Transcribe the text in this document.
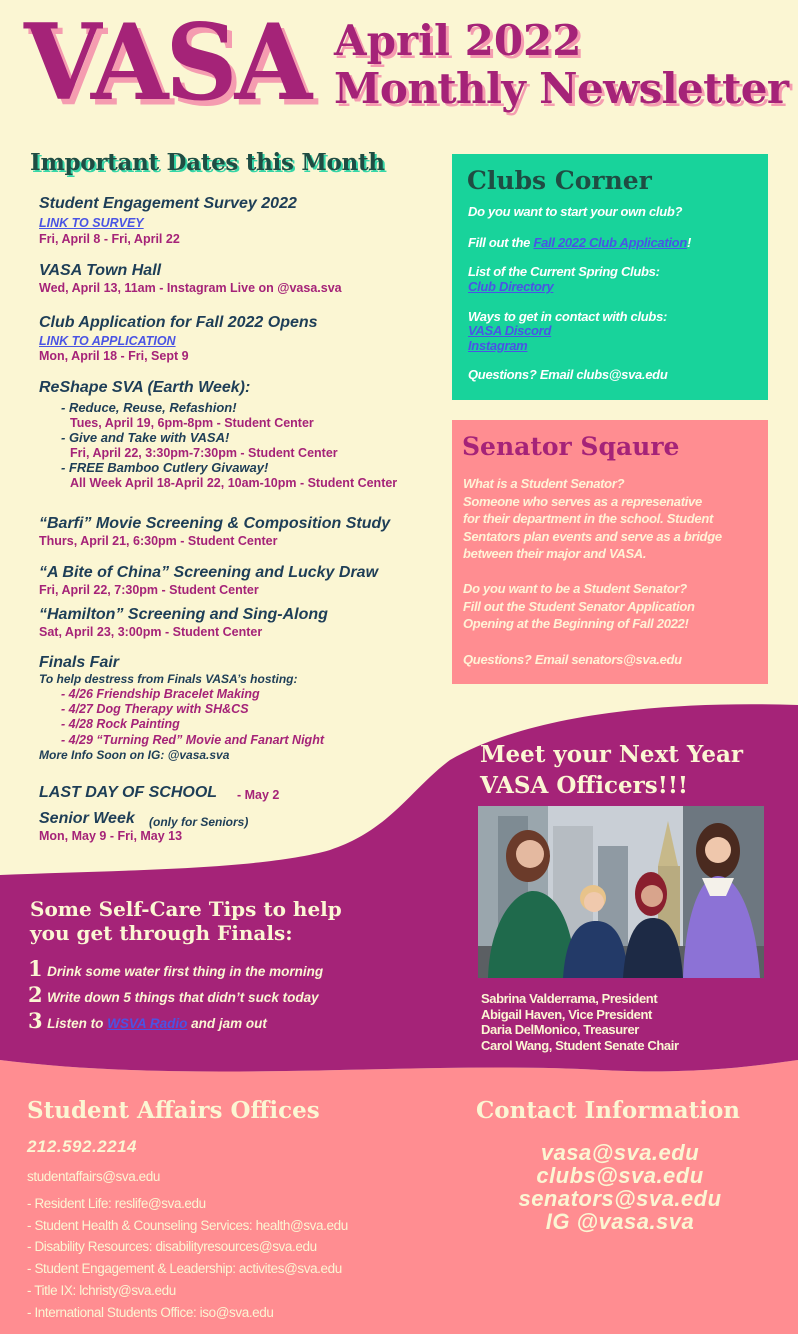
VASA April 2022
Monthly Newsletter
Important Dates this Month
Student Engagement Survey 2022
LINK TO SURVEY
Fri, April 8 - Fri, April 22
VASA Town Hall
Wed, April 13, 11am - Instagram Live on @vasa.sva
Club Application for Fall 2022 Opens
LINK TO APPLICATION
Mon, April 18 - Fri, Sept 9
ReShape SVA (Earth Week):
- Reduce, Reuse, Refashion!
Tues, April 19, 6pm-8pm - Student Center
- Give and Take with VASA!
Fri, April 22, 3:30pm-7:30pm - Student Center
- FREE Bamboo Cutlery Givaway!
All Week April 18-April 22, 10am-10pm - Student Center
“Barfi” Movie Screening & Composition Study
Thurs, April 21, 6:30pm - Student Center
“A Bite of China” Screening and Lucky Draw
Fri, April 22, 7:30pm - Student Center
“Hamilton” Screening and Sing-Along
Sat, April 23, 3:00pm - Student Center
Finals Fair
To help destress from Finals VASA’s hosting:
- 4/26 Friendship Bracelet Making
- 4/27 Dog Therapy with SH&CS
- 4/28 Rock Painting
- 4/29 “Turning Red” Movie and Fanart Night
More Info Soon on IG: @vasa.sva
LAST DAY OF SCHOOL - May 2
Senior Week (only for Seniors)
Mon, May 9 - Fri, May 13
Clubs Corner
Do you want to start your own club?
Fill out the Fall 2022 Club Application!
List of the Current Spring Clubs:
Club Directory
Ways to get in contact with clubs:
VASA Discord
Instagram
Questions? Email clubs@sva.edu
Senator Sqaure
What is a Student Senator?
Someone who serves as a represenative
for their department in the school. Student
Sentators plan events and serve as a bridge
between their major and VASA.
Do you want to be a Student Senator?
Fill out the Student Senator Application
Opening at the Beginning of Fall 2022!
Questions? Email senators@sva.edu
Meet your Next Year
VASA Officers!!!
Sabrina Valderrama, President
Abigail Haven, Vice President
Daria DelMonico, Treasurer
Carol Wang, Student Senate Chair
Some Self-Care Tips to help
you get through Finals:
1 Drink some water first thing in the morning
2 Write down 5 things that didn’t suck today
3 Listen to WSVA Radio and jam out
Student Affairs Offices
212.592.2214
studentaffairs@sva.edu
- Resident Life: reslife@sva.edu
- Student Health & Counseling Services: health@sva.edu
- Disability Resources: disabilityresources@sva.edu
- Student Engagement & Leadership: activites@sva.edu
- Title IX: lchristy@sva.edu
- International Students Office: iso@sva.edu
Contact Information
vasa@sva.edu
clubs@sva.edu
senators@sva.edu
IG @vasa.sva
